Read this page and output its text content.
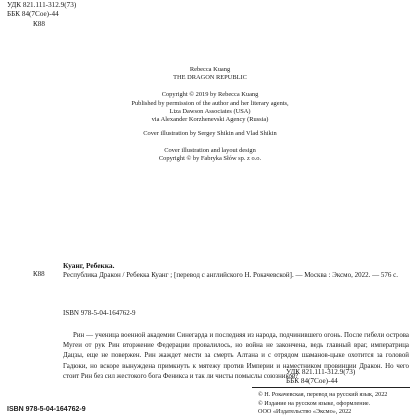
УДК 821.111-312.9(73)
ББК 84(7Сое)-44
К88
Rebecca Kuang
THE DRAGON REPUBLIC
Copyright © 2019 by Rebecca Kuang
Published by permission of the author and her literary agents,
Liza Dawson Associates (USA)
via Alexander Korzhenevski Agency (Russia)
Cover illustration by Sergey Shikin and Vlad Shikin
Cover illustration and layout design
Copyright © by Fabryka Słów sp. z o.o.
Куанг, Ребекка.
К88	Республика Дракон / Ребекка Куанг ; [перевод с английского Н. Рокачевской]. — Москва : Эксмо, 2022. — 576 с.
ISBN 978-5-04-164762-9
Рин — ученица военной академии Синегарда и последняя из народа, подчинившего огонь. После гибели острова Мугеи от рук Рин вторжение Федерации провалилось, но война не закончена, ведь главный враг, императрица Дацзы, еще не повержен. Рин жаждет мести за смерть Алтана и с отрядом шаманов-цыке охотится за головой Гадюки, но вскоре вынуждена примкнуть к мятежу против Империи и наместником провинции Дракон. Но чего стоит Рин без сил жестокого бога Феникса и так ли чисты помыслы союзников?
УДК 821.111-312.9(73)
ББК 84(7Сое)-44
ISBN 978-5-04-164762-9
© Н. Рокачевская, перевод на русский язык, 2022
© Издание на русском языке, оформление.
ООО «Издательство «Эксмо», 2022
